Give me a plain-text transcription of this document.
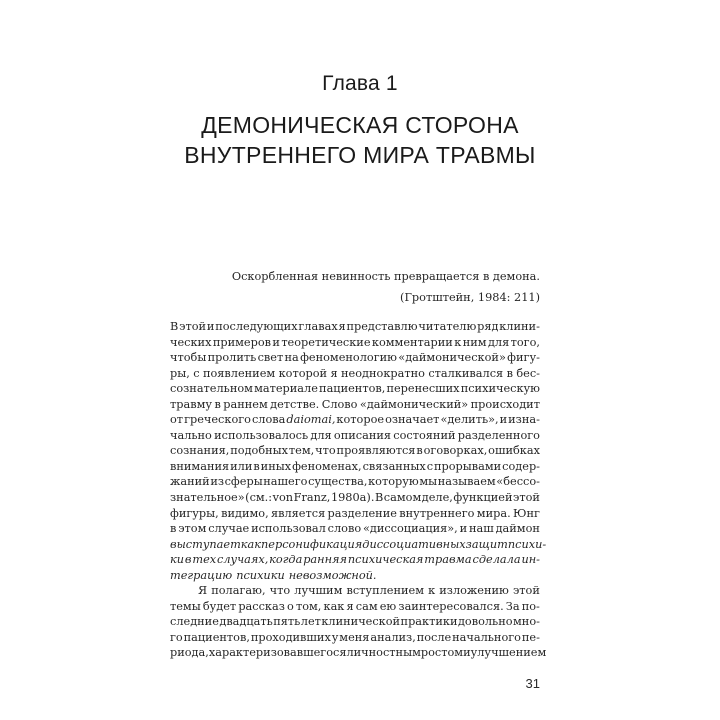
Глава 1
ДЕМОНИЧЕСКАЯ СТОРОНА
ВНУТРЕННЕГО МИРА ТРАВМЫ
Оскорбленная невинность превращается в демона.
(Гротштейн, 1984: 211)
В этой и последующих главах я представлю читателю ряд клини-
ческих примеров и теоретические комментарии к ним для того,
чтобы пролить свет на феноменологию «даймонической» фигу-
ры, с появлением которой я неоднократно сталкивался в бес-
сознательном материале пациентов, перенесших психическую
травму в раннем детстве. Слово «даймонический» происходит
от греческого слова daiomai, которое означает «делить», и изна-
чально использовалось для описания состояний разделенного
сознания, подобных тем, что проявляются в оговорках, ошибках
внимания или в иных феноменах, связанных с прорывами содер-
жаний из сферы нашего существа, которую мы называем «бессо-
знательное» (см.: von Franz, 1980a). В самом деле, функцией этой
фигуры, видимо, является разделение внутреннего мира. Юнг
в этом случае использовал слово «диссоциация», и наш даймон
выступает как персонификация диссоциативных защит психи-
ки в тех случаях, когда ранняя психическая травма сделала ин-
теграцию психики невозможной.
Я полагаю, что лучшим вступлением к изложению этой
темы будет рассказ о том, как я сам ею заинтересовался. За по-
следние двадцать пять лет клинической практики довольно мно-
го пациентов, проходивших у меня анализ, после начального пе-
риода, характеризовавшегося личностным ростом и улучшением
31
